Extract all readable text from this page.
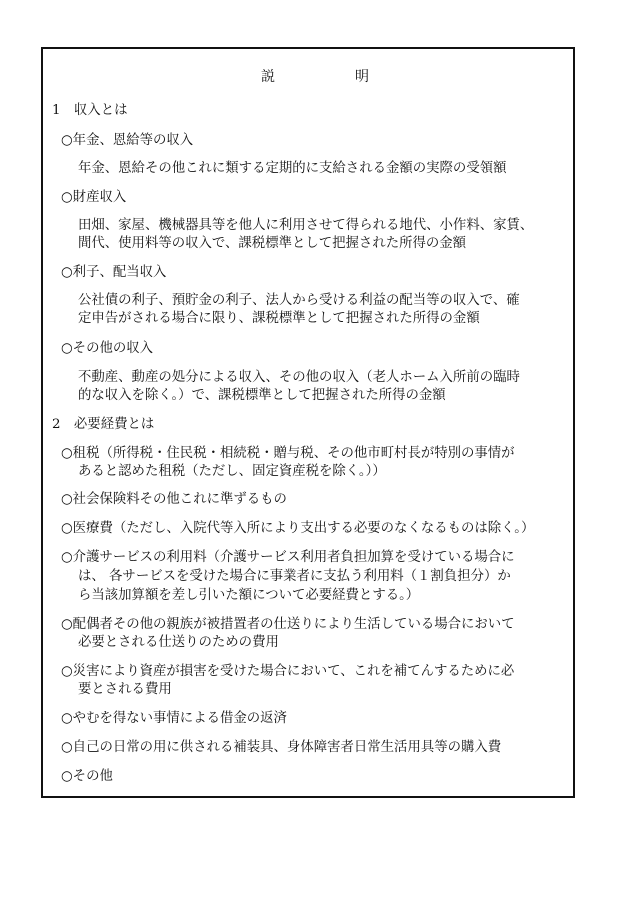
説	明
1　収入とは
○年金、恩給等の収入
年金、恩給その他これに類する定期的に支給される金額の実際の受領額
○財産収入
田畑、家屋、機械器具等を他人に利用させて得られる地代、小作料、家賃、
間代、使用料等の収入で、課税標準として把握された所得の金額
○利子、配当収入
公社債の利子、預貯金の利子、法人から受ける利益の配当等の収入で、確
定申告がされる場合に限り、課税標準として把握された所得の金額
○その他の収入
不動産、動産の処分による収入、その他の収入（老人ホーム入所前の臨時
的な収入を除く。）で、課税標準として把握された所得の金額
2　必要経費とは
○租税（所得税・住民税・相続税・贈与税、その他市町村長が特別の事情が
あると認めた租税（ただし、固定資産税を除く。））
○社会保険料その他これに準ずるもの
○医療費（ただし、入院代等入所により支出する必要のなくなるものは除く。）
○介護サービスの利用料（介護サービス利用者負担加算を受けている場合に
は、 各サービスを受けた場合に事業者に支払う利用料（１割負担分）か
ら当該加算額を差し引いた額について必要経費とする。）
○配偶者その他の親族が被措置者の仕送りにより生活している場合において
必要とされる仕送りのための費用
○災害により資産が損害を受けた場合において、これを補てんするために必
要とされる費用
○やむを得ない事情による借金の返済
○自己の日常の用に供される補装具、身体障害者日常生活用具等の購入費
○その他
